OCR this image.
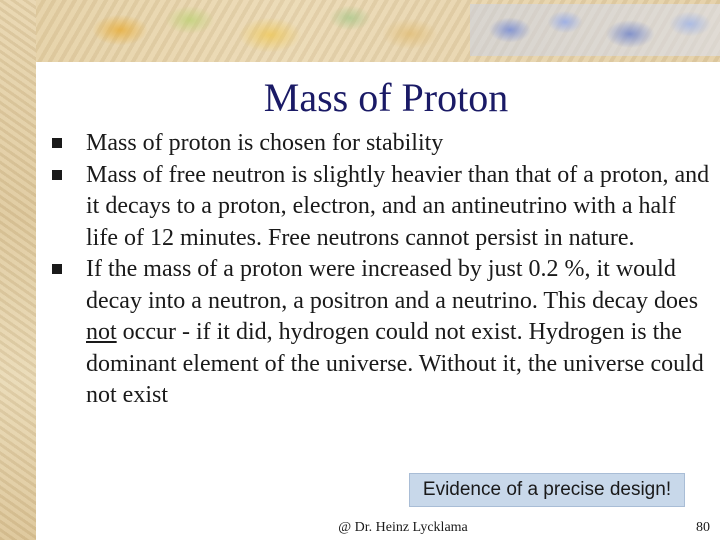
Mass of Proton
Mass of proton is chosen for stability
Mass of free neutron is slightly heavier than that of a proton, and it decays to a proton, electron, and an antineutrino with a half life of 12 minutes. Free neutrons cannot persist in nature.
If the mass of a proton were increased by just 0.2 %, it would decay into a neutron, a positron and a neutrino. This decay does not occur - if it did, hydrogen could not exist. Hydrogen is the dominant element of the universe. Without it, the universe could not exist
Evidence of a precise design!
@ Dr. Heinz Lycklama	80
